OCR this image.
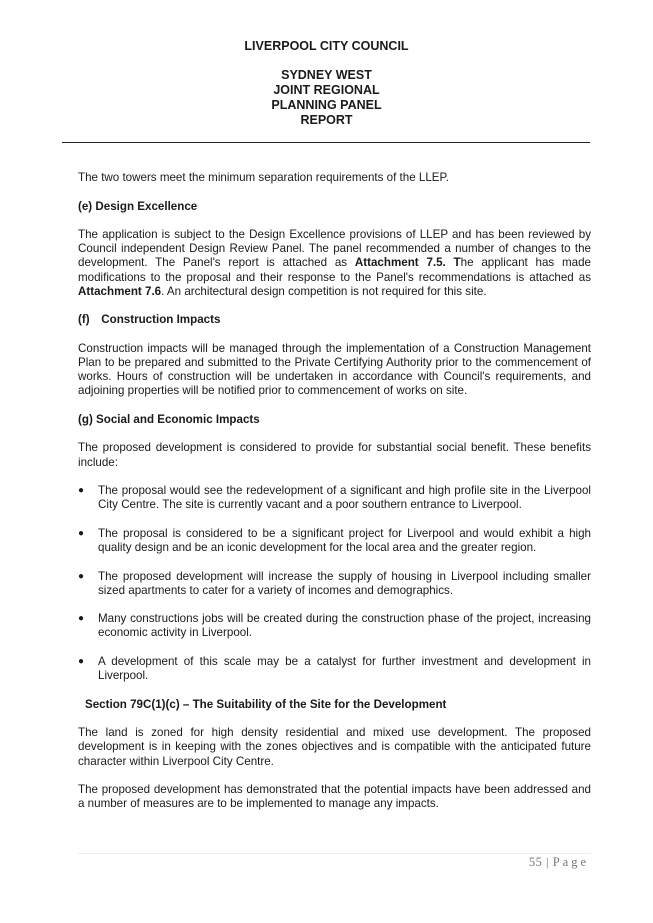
LIVERPOOL CITY COUNCIL
SYDNEY WEST
JOINT REGIONAL
PLANNING PANEL
REPORT

The two towers meet the minimum separation requirements of the LLEP.

(e) Design Excellence

The application is subject to the Design Excellence provisions of LLEP and has been reviewed by Council independent Design Review Panel. The panel recommended a number of changes to the development. The Panel's report is attached as Attachment 7.5. The applicant has made modifications to the proposal and their response to the Panel's recommendations is attached as Attachment 7.6. An architectural design competition is not required for this site.

(f) Construction Impacts

Construction impacts will be managed through the implementation of a Construction Management Plan to be prepared and submitted to the Private Certifying Authority prior to the commencement of works. Hours of construction will be undertaken in accordance with Council's requirements, and adjoining properties will be notified prior to commencement of works on site.

(g) Social and Economic Impacts

The proposed development is considered to provide for substantial social benefit. These benefits include:

● The proposal would see the redevelopment of a significant and high profile site in the Liverpool City Centre. The site is currently vacant and a poor southern entrance to Liverpool.
● The proposal is considered to be a significant project for Liverpool and would exhibit a high quality design and be an iconic development for the local area and the greater region.
● The proposed development will increase the supply of housing in Liverpool including smaller sized apartments to cater for a variety of incomes and demographics.
● Many constructions jobs will be created during the construction phase of the project, increasing economic activity in Liverpool.
● A development of this scale may be a catalyst for further investment and development in Liverpool.
Section 79C(1)(c) – The Suitability of the Site for the Development

The land is zoned for high density residential and mixed use development. The proposed development is in keeping with the zones objectives and is compatible with the anticipated future character within Liverpool City Centre.

The proposed development has demonstrated that the potential impacts have been addressed and a number of measures are to be implemented to manage any impacts.

55 | Page
